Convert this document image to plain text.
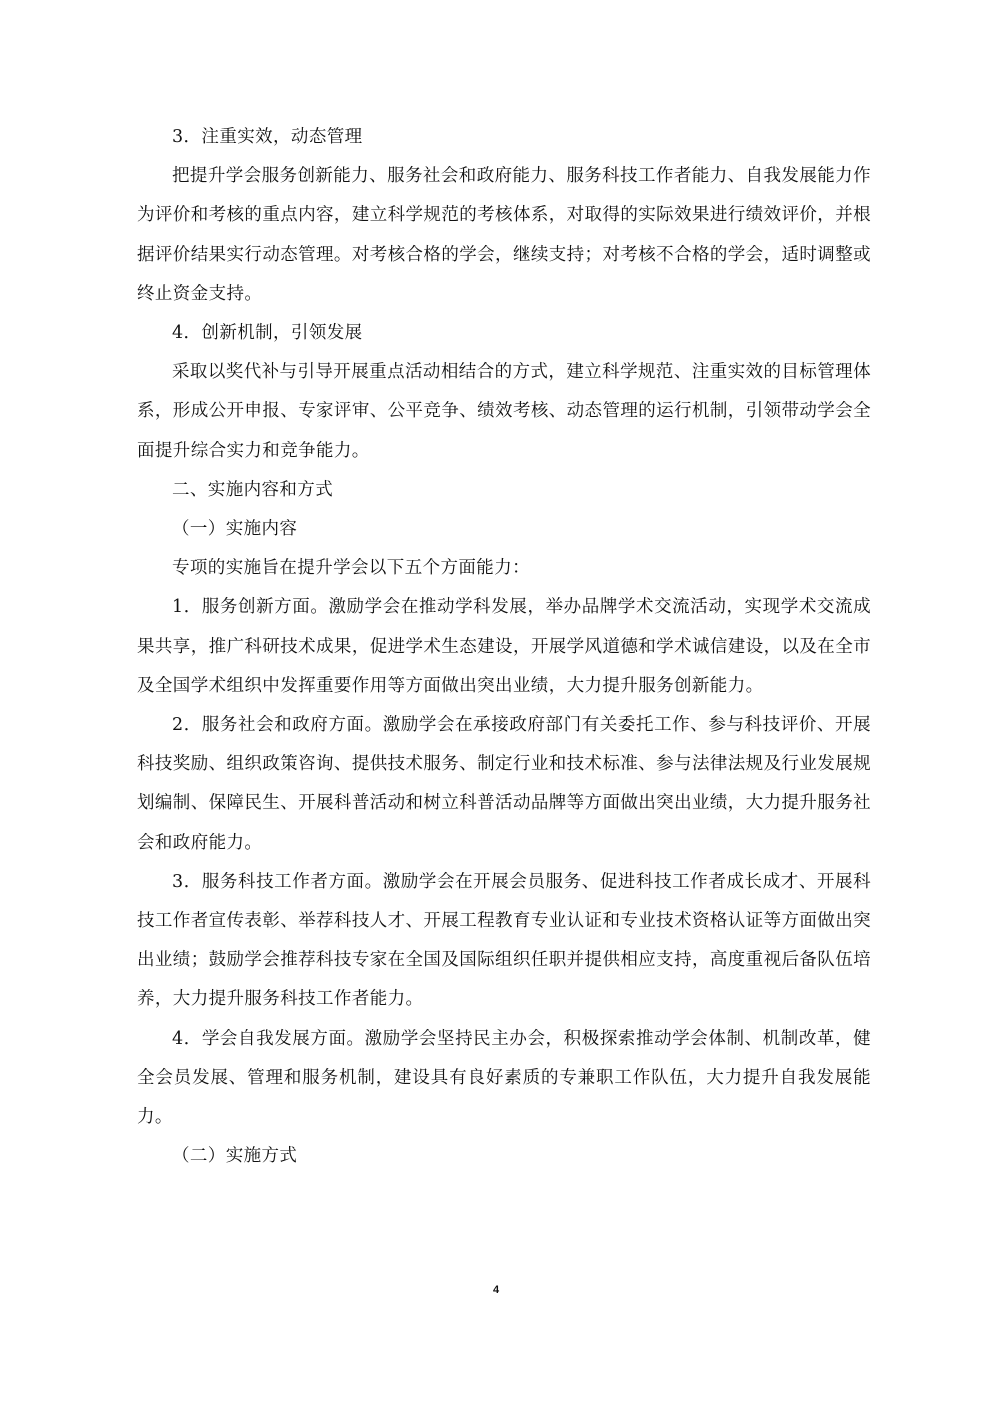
3．注重实效，动态管理

把提升学会服务创新能力、服务社会和政府能力、服务科技工作者能力、自我发展能力作为评价和考核的重点内容，建立科学规范的考核体系，对取得的实际效果进行绩效评价，并根据评价结果实行动态管理。对考核合格的学会，继续支持；对考核不合格的学会，适时调整或终止资金支持。

4．创新机制，引领发展

采取以奖代补与引导开展重点活动相结合的方式，建立科学规范、注重实效的目标管理体系，形成公开申报、专家评审、公平竞争、绩效考核、动态管理的运行机制，引领带动学会全面提升综合实力和竞争能力。

二、实施内容和方式

（一）实施内容

专项的实施旨在提升学会以下五个方面能力：

1．服务创新方面。激励学会在推动学科发展，举办品牌学术交流活动，实现学术交流成果共享，推广科研技术成果，促进学术生态建设，开展学风道德和学术诚信建设，以及在全市及全国学术组织中发挥重要作用等方面做出突出业绩，大力提升服务创新能力。

2．服务社会和政府方面。激励学会在承接政府部门有关委托工作、参与科技评价、开展科技奖励、组织政策咨询、提供技术服务、制定行业和技术标准、参与法律法规及行业发展规划编制、保障民生、开展科普活动和树立科普活动品牌等方面做出突出业绩，大力提升服务社会和政府能力。

3．服务科技工作者方面。激励学会在开展会员服务、促进科技工作者成长成才、开展科技工作者宣传表彰、举荐科技人才、开展工程教育专业认证和专业技术资格认证等方面做出突出业绩；鼓励学会推荐科技专家在全国及国际组织任职并提供相应支持，高度重视后备队伍培养，大力提升服务科技工作者能力。

4．学会自我发展方面。激励学会坚持民主办会，积极探索推动学会体制、机制改革，健全会员发展、管理和服务机制，建设具有良好素质的专兼职工作队伍，大力提升自我发展能力。

（二）实施方式

4
